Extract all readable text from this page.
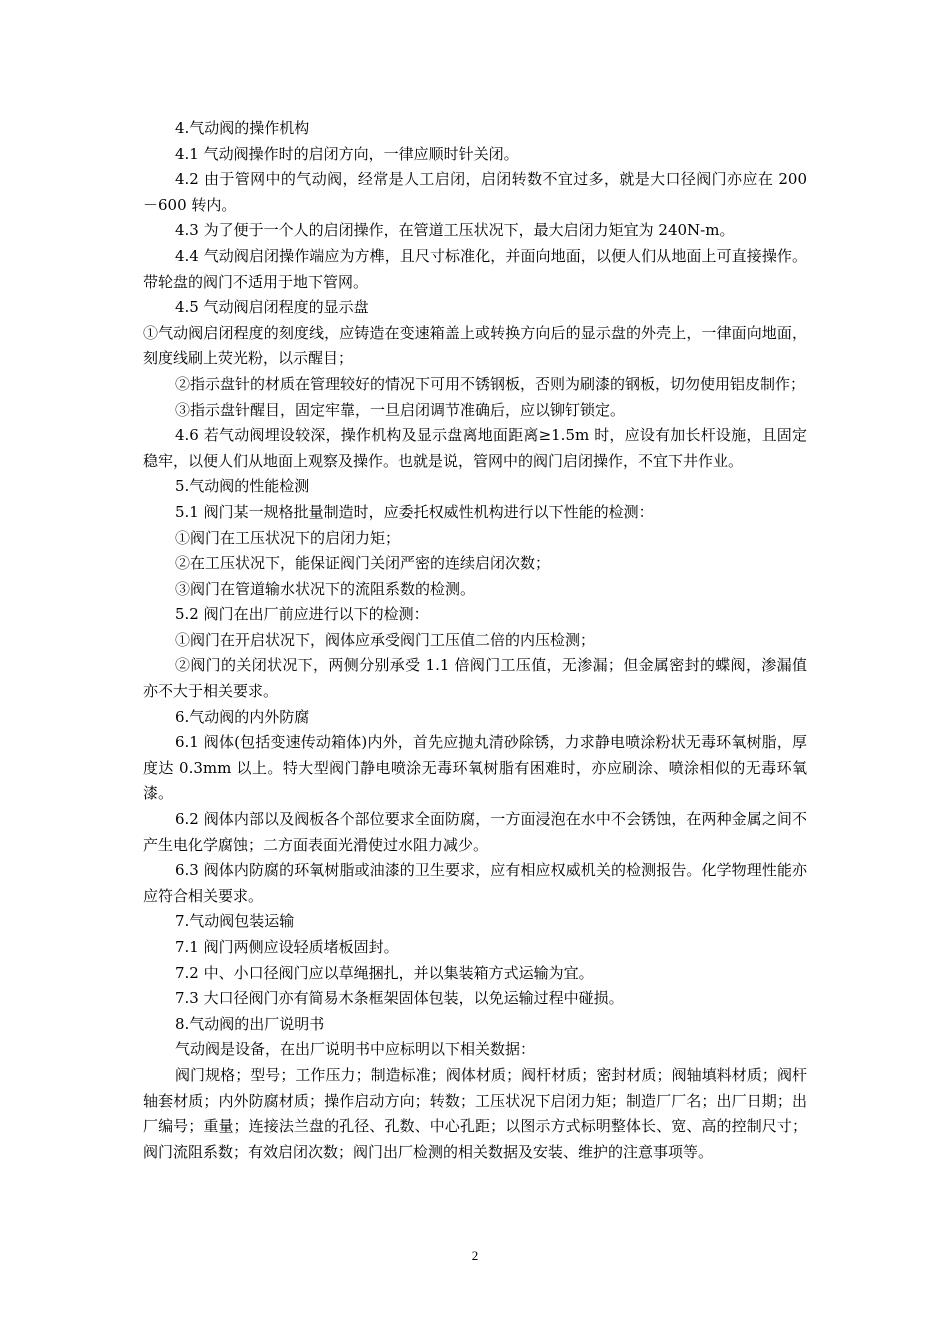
4.气动阀的操作机构

4.1 气动阀操作时的启闭方向，一律应顺时针关闭。

4.2 由于管网中的气动阀，经常是人工启闭，启闭转数不宜过多，就是大口径阀门亦应在 200－600 转内。

4.3 为了便于一个人的启闭操作，在管道工压状况下，最大启闭力矩宜为 240N-m。

4.4 气动阀启闭操作端应为方榫，且尺寸标准化，并面向地面，以便人们从地面上可直接操作。带轮盘的阀门不适用于地下管网。

4.5 气动阀启闭程度的显示盘

①气动阀启闭程度的刻度线，应铸造在变速箱盖上或转换方向后的显示盘的外壳上，一律面向地面，刻度线刷上荧光粉，以示醒目；

②指示盘针的材质在管理较好的情况下可用不锈钢板，否则为刷漆的钢板，切勿使用铝皮制作；

③指示盘针醒目，固定牢靠，一旦启闭调节准确后，应以铆钉锁定。

4.6 若气动阀埋设较深，操作机构及显示盘离地面距离≥1.5m 时，应设有加长杆设施，且固定稳牢，以便人们从地面上观察及操作。也就是说，管网中的阀门启闭操作，不宜下井作业。

5.气动阀的性能检测

5.1 阀门某一规格批量制造时，应委托权威性机构进行以下性能的检测：

①阀门在工压状况下的启闭力矩；

②在工压状况下，能保证阀门关闭严密的连续启闭次数；

③阀门在管道输水状况下的流阻系数的检测。

5.2 阀门在出厂前应进行以下的检测：

①阀门在开启状况下，阀体应承受阀门工压值二倍的内压检测；

②阀门的关闭状况下，两侧分别承受 1.1 倍阀门工压值，无渗漏；但金属密封的蝶阀，渗漏值亦不大于相关要求。

6.气动阀的内外防腐

6.1 阀体(包括变速传动箱体)内外，首先应抛丸清砂除锈，力求静电喷涂粉状无毒环氧树脂，厚度达 0.3mm 以上。特大型阀门静电喷涂无毒环氧树脂有困难时，亦应刷涂、喷涂相似的无毒环氧漆。

6.2 阀体内部以及阀板各个部位要求全面防腐，一方面浸泡在水中不会锈蚀，在两种金属之间不产生电化学腐蚀；二方面表面光滑使过水阻力减少。

6.3 阀体内防腐的环氧树脂或油漆的卫生要求，应有相应权威机关的检测报告。化学物理性能亦应符合相关要求。

7.气动阀包装运输

7.1 阀门两侧应设轻质堵板固封。

7.2 中、小口径阀门应以草绳捆扎，并以集装箱方式运输为宜。

7.3 大口径阀门亦有简易木条框架固体包装，以免运输过程中碰损。

8.气动阀的出厂说明书

气动阀是设备，在出厂说明书中应标明以下相关数据：

阀门规格；型号；工作压力；制造标准；阀体材质；阀杆材质；密封材质；阀轴填料材质；阀杆轴套材质；内外防腐材质；操作启动方向；转数；工压状况下启闭力矩；制造厂厂名；出厂日期；出厂编号；重量；连接法兰盘的孔径、孔数、中心孔距；以图示方式标明整体长、宽、高的控制尺寸；阀门流阻系数；有效启闭次数；阀门出厂检测的相关数据及安装、维护的注意事项等。

2
